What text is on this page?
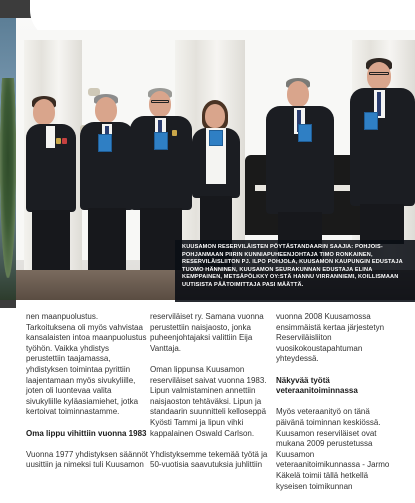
KUUSAMON RESERVILÄISTEN PÖYTÄSTANDAARIN SAAJIA: POHJOIS-POHJANMAAN PIIRIN KUNNIAPUHEENJOHTAJA TIMO RONKAINEN, RESERVILÄISLIITON PJ. ILPO POHJOLA, KUUSAMON KAUPUNGIN EDUSTAJA TUOMO HÄNNINEN, KUUSAMON SEURAKUNNAN EDUSTAJA ELINA KEMPPAINEN, METSÄPÖLKKY OY:STÄ HANNU VIRRANNIEMI, KOILLISMAAN UUTISISTA PÄÄTOIMITTAJA PASI MÄÄTTÄ.

nen maanpuolustus. Tarkoituksena oli myös vahvistaa kansalaisten intoa maanpuolustus työhön. Vaikka yhdistys perustettiin taajamassa, yhdistyksen toimintaa pyrittiin laajentamaan myös sivukyliille, joten oli luontevaa valita sivukyliille kyläasiamiehet, jotka kertoivat toiminnastamme.

Oma lippu vihittiin vuonna 1983

Vuonna 1977 yhdistyksen säännöt uusittiin ja nimeksi tuli Kuusamon

reserviläiset ry. Samana vuonna perustettiin naisjaosto, jonka puheenjohtajaksi valittiin Eija Vanttaja.

Oman lippunsa Kuusamon reserviläiset saivat vuonna 1983. Lipun valmistaminen annettiin naisjaoston tehtäväksi. Lipun ja standaarin suunnitteli kelloseppä Kyösti Tammi ja lipun vihki kappalainen Oswald Carlson.

Yhdistyksemme tekemää työtä ja 50-vuotisia saavutuksia juhlittiin

vuonna 2008 Kuusamossa ensimmäistä kertaa järjestetyn Reserviläisliiton vuosikokoustapahtuman yhteydessä.

Näkyvää työtä veteraanitoiminnassa

Myös veteraanityö on tänä päivänä toiminnan keskiössä. Kuusamon reserviläiset ovat mukana 2009 perustetussa Kuusamon veteraanitoimikunnassa - Jarmo Käkelä toimii tällä hetkellä kyseisen toimikunnan
